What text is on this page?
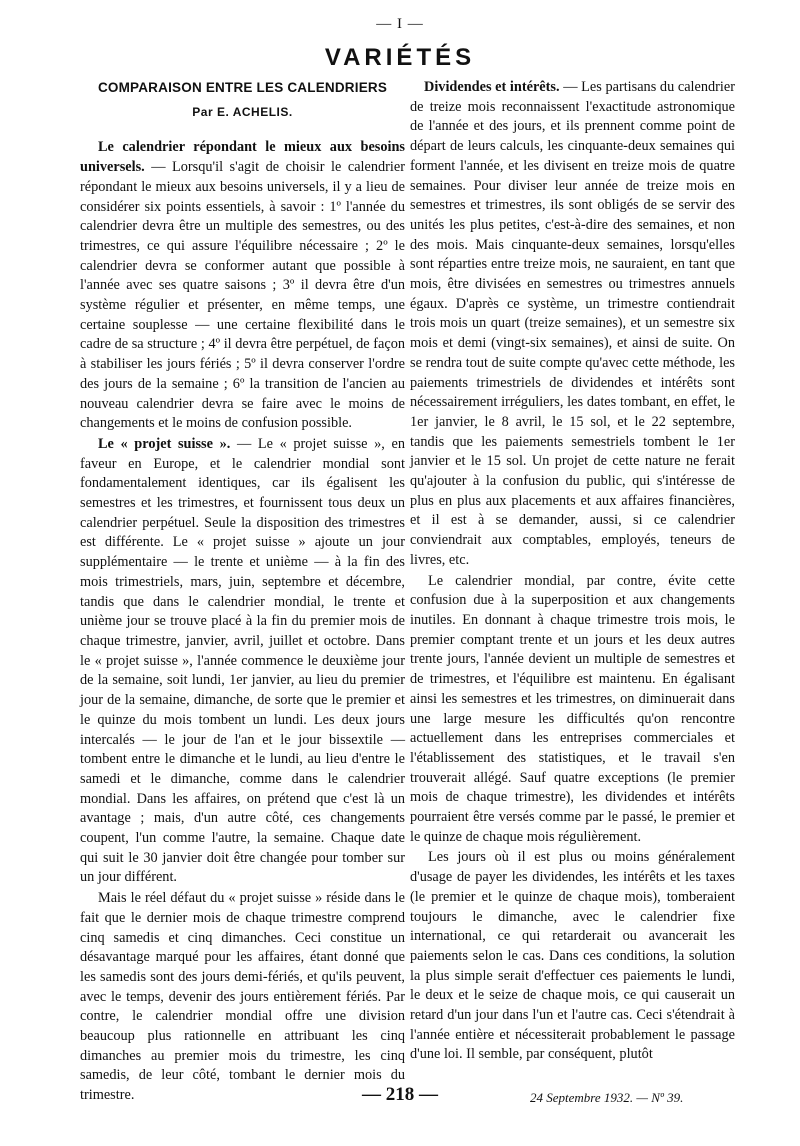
— I —
VARIÉTÉS
COMPARAISON ENTRE LES CALENDRIERS
Par E. ACHELIS.

Le calendrier répondant le mieux aux besoins universels. — Lorsqu'il s'agit de choisir le calendrier répondant le mieux aux besoins universels, il y a lieu de considérer six points essentiels, à savoir : 1º l'année du calendrier devra être un multiple des semestres, ou des trimestres, ce qui assure l'équilibre nécessaire ; 2º le calendrier devra se conformer autant que possible à l'année avec ses quatre saisons ; 3º il devra être d'un système régulier et présenter, en même temps, une certaine souplesse — une certaine flexibilité dans le cadre de sa structure ; 4º il devra être perpétuel, de façon à stabiliser les jours fériés ; 5º il devra conserver l'ordre des jours de la semaine ; 6º la transition de l'ancien au nouveau calendrier devra se faire avec le moins de changements et le moins de confusion possible.

Le « projet suisse ». — Le « projet suisse », en faveur en Europe, et le calendrier mondial sont fondamentalement identiques, car ils égalisent les semestres et les trimestres, et fournissent tous deux un calendrier perpétuel. Seule la disposition des trimestres est différente. Le « projet suisse » ajoute un jour supplémentaire — le trente et unième — à la fin des mois trimestriels, mars, juin, septembre et décembre, tandis que dans le calendrier mondial, le trente et unième jour se trouve placé à la fin du premier mois de chaque trimestre, janvier, avril, juillet et octobre. Dans le « projet suisse », l'année commence le deuxième jour de la semaine, soit lundi, 1er janvier, au lieu du premier jour de la semaine, dimanche, de sorte que le premier et le quinze du mois tombent un lundi. Les deux jours intercalés — le jour de l'an et le jour bissextile — tombent entre le dimanche et le lundi, au lieu d'entre le samedi et le dimanche, comme dans le calendrier mondial. Dans les affaires, on prétend que c'est là un avantage ; mais, d'un autre côté, ces changements coupent, l'un comme l'autre, la semaine. Chaque date qui suit le 30 janvier doit être changée pour tomber sur un jour différent.

Mais le réel défaut du « projet suisse » réside dans le fait que le dernier mois de chaque trimestre comprend cinq samedis et cinq dimanches. Ceci constitue un désavantage marqué pour les affaires, étant donné que les samedis sont des jours demi-fériés, et qu'ils peuvent, avec le temps, devenir des jours entièrement fériés. Par contre, le calendrier mondial offre une division beaucoup plus rationnelle en attribuant les cinq dimanches au premier mois du trimestre, les cinq samedis, de leur côté, tombant le dernier mois du trimestre.

Dividendes et intérêts. — Les partisans du calendrier de treize mois reconnaissent l'exactitude astronomique de l'année et des jours, et ils prennent comme point de départ de leurs calculs, les cinquante-deux semaines qui forment l'année, et les divisent en treize mois de quatre semaines. Pour diviser leur année de treize mois en semestres et trimestres, ils sont obligés de se servir des unités les plus petites, c'est-à-dire des semaines, et non des mois. Mais cinquante-deux semaines, lorsqu'elles sont réparties entre treize mois, ne sauraient, en tant que mois, être divisées en semestres ou trimestres annuels égaux. D'après ce système, un trimestre contiendrait trois mois un quart (treize semaines), et un semestre six mois et demi (vingt-six semaines), et ainsi de suite. On se rendra tout de suite compte qu'avec cette méthode, les paiements trimestriels de dividendes et intérêts sont nécessairement irréguliers, les dates tombant, en effet, le 1er janvier, le 8 avril, le 15 sol, et le 22 septembre, tandis que les paiements semestriels tombent le 1er janvier et le 15 sol. Un projet de cette nature ne ferait qu'ajouter à la confusion du public, qui s'intéresse de plus en plus aux placements et aux affaires financières, et il est à se demander, aussi, si ce calendrier conviendrait aux comptables, employés, teneurs de livres, etc.

Le calendrier mondial, par contre, évite cette confusion due à la superposition et aux changements inutiles. En donnant à chaque trimestre trois mois, le premier comptant trente et un jours et les deux autres trente jours, l'année devient un multiple de semestres et de trimestres, et l'équilibre est maintenu. En égalisant ainsi les semestres et les trimestres, on diminuerait dans une large mesure les difficultés qu'on rencontre actuellement dans les entreprises commerciales et l'établissement des statistiques, et le travail s'en trouverait allégé. Sauf quatre exceptions (le premier mois de chaque trimestre), les dividendes et intérêts pourraient être versés comme par le passé, le premier et le quinze de chaque mois régulièrement.

Les jours où il est plus ou moins généralement d'usage de payer les dividendes, les intérêts et les taxes (le premier et le quinze de chaque mois), tomberaient toujours le dimanche, avec le calendrier fixe international, ce qui retarderait ou avancerait les paiements selon le cas. Dans ces conditions, la solution la plus simple serait d'effectuer ces paiements le lundi, le deux et le seize de chaque mois, ce qui causerait un retard d'un jour dans l'un et l'autre cas. Ceci s'étendrait à l'année entière et nécessiterait probablement le passage d'une loi. Il semble, par conséquent, plutôt

— 218 —	24 Septembre 1932. — Nº 39.
